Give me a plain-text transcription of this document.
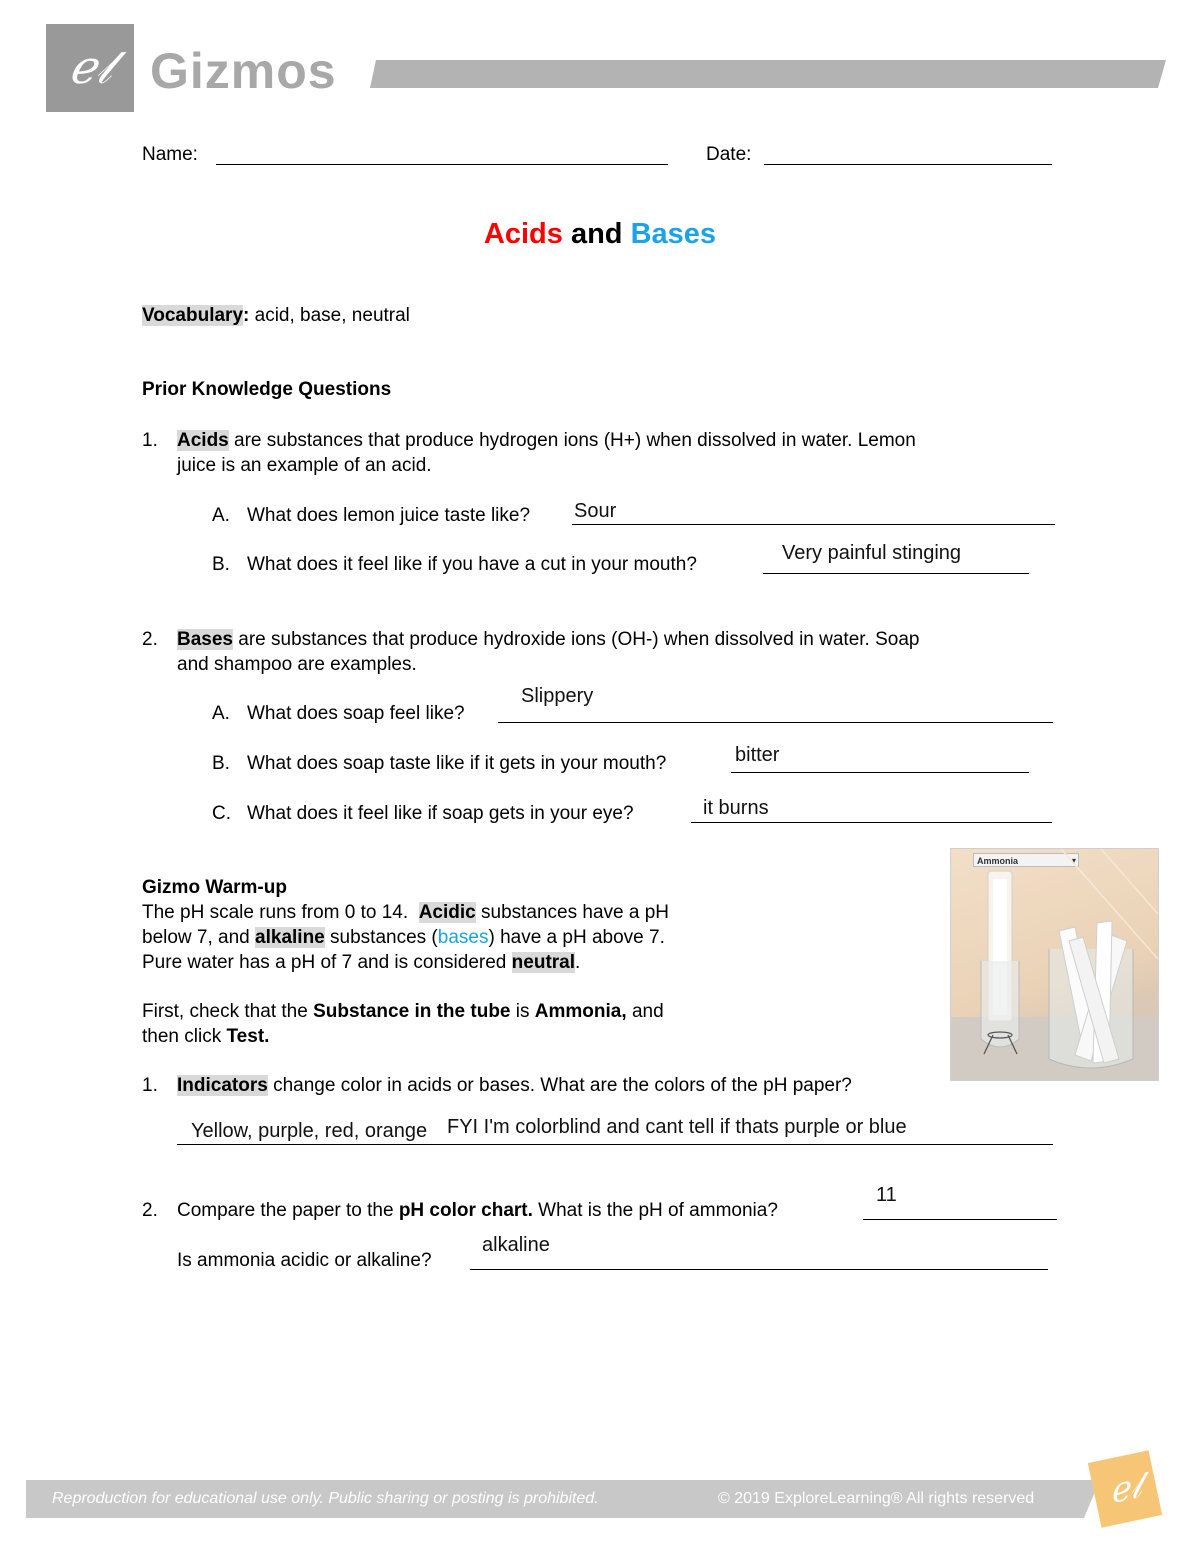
ℯ𝓁 Gizmos
Name:	Date:
Acids and Bases
Vocabulary: acid, base, neutral
Prior Knowledge Questions
1. Acids are substances that produce hydrogen ions (H+) when dissolved in water. Lemon
juice is an example of an acid.
A. What does lemon juice taste like? Sour
B. What does it feel like if you have a cut in your mouth?
Very painful stinging
2. Bases are substances that produce hydroxide ions (OH-) when dissolved in water. Soap
and shampoo are examples.
A. What does soap feel like?
Slippery
B. What does soap taste like if it gets in your mouth?	bitter
C. What does it feel like if soap gets in your eye?	it burns
Gizmo Warm-up
The pH scale runs from 0 to 14. Acidic substances have a pH
below 7, and alkaline substances (bases) have a pH above 7.
Pure water has a pH of 7 and is considered neutral.
First, check that the Substance in the tube is Ammonia, and
then click Test.
1. Indicators change color in acids or bases. What are the colors of the pH paper?
Yellow, purple, red, orange FYI I'm colorblind and cant tell if thats purple or blue
2. Compare the paper to the pH color chart. What is the pH of ammonia?
11
Is ammonia acidic or alkaline?
alkaline
Ammonia	▾
Reproduction for educational use only. Public sharing or posting is prohibited.	© 2019 ExploreLearning® All rights reserved	ℯ𝓁
